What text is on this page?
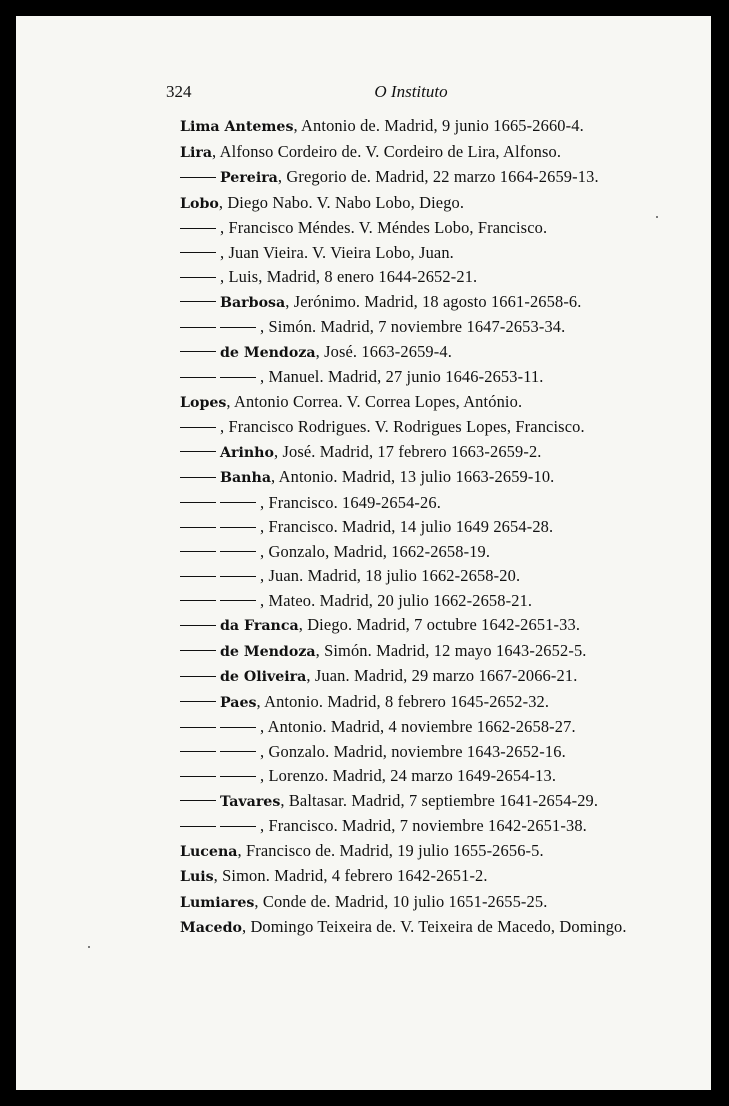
324	O Instituto
Lima Antemes, Antonio de. Madrid, 9 junio 1665-2660-4.
Lira, Alfonso Cordeiro de. V. Cordeiro de Lira, Alfonso.
Pereira, Gregorio de. Madrid, 22 marzo 1664-2659-13.
Lobo, Diego Nabo. V. Nabo Lobo, Diego.
, Francisco Méndes. V. Méndes Lobo, Francisco.
, Juan Vieira. V. Vieira Lobo, Juan.
, Luis, Madrid, 8 enero 1644-2652-21.
Barbosa, Jerónimo. Madrid, 18 agosto 1661-2658-6.
, Simón. Madrid, 7 noviembre 1647-2653-34.
de Mendoza, José. 1663-2659-4.
, Manuel. Madrid, 27 junio 1646-2653-11.
Lopes, Antonio Correa. V. Correa Lopes, António.
, Francisco Rodrigues. V. Rodrigues Lopes, Francisco.
Arinho, José. Madrid, 17 febrero 1663-2659-2.
Banha, Antonio. Madrid, 13 julio 1663-2659-10.
, Francisco. 1649-2654-26.
, Francisco. Madrid, 14 julio 1649 2654-28.
, Gonzalo, Madrid, 1662-2658-19.
, Juan. Madrid, 18 julio 1662-2658-20.
, Mateo. Madrid, 20 julio 1662-2658-21.
da Franca, Diego. Madrid, 7 octubre 1642-2651-33.
de Mendoza, Simón. Madrid, 12 mayo 1643-2652-5.
de Oliveira, Juan. Madrid, 29 marzo 1667-2066-21.
Paes, Antonio. Madrid, 8 febrero 1645-2652-32.
, Antonio. Madrid, 4 noviembre 1662-2658-27.
, Gonzalo. Madrid, noviembre 1643-2652-16.
, Lorenzo. Madrid, 24 marzo 1649-2654-13.
Tavares, Baltasar. Madrid, 7 septiembre 1641-2654-29.
, Francisco. Madrid, 7 noviembre 1642-2651-38.
Lucena, Francisco de. Madrid, 19 julio 1655-2656-5.
Luis, Simon. Madrid, 4 febrero 1642-2651-2.
Lumiares, Conde de. Madrid, 10 julio 1651-2655-25.
Macedo, Domingo Teixeira de. V. Teixeira de Macedo, Domingo.
